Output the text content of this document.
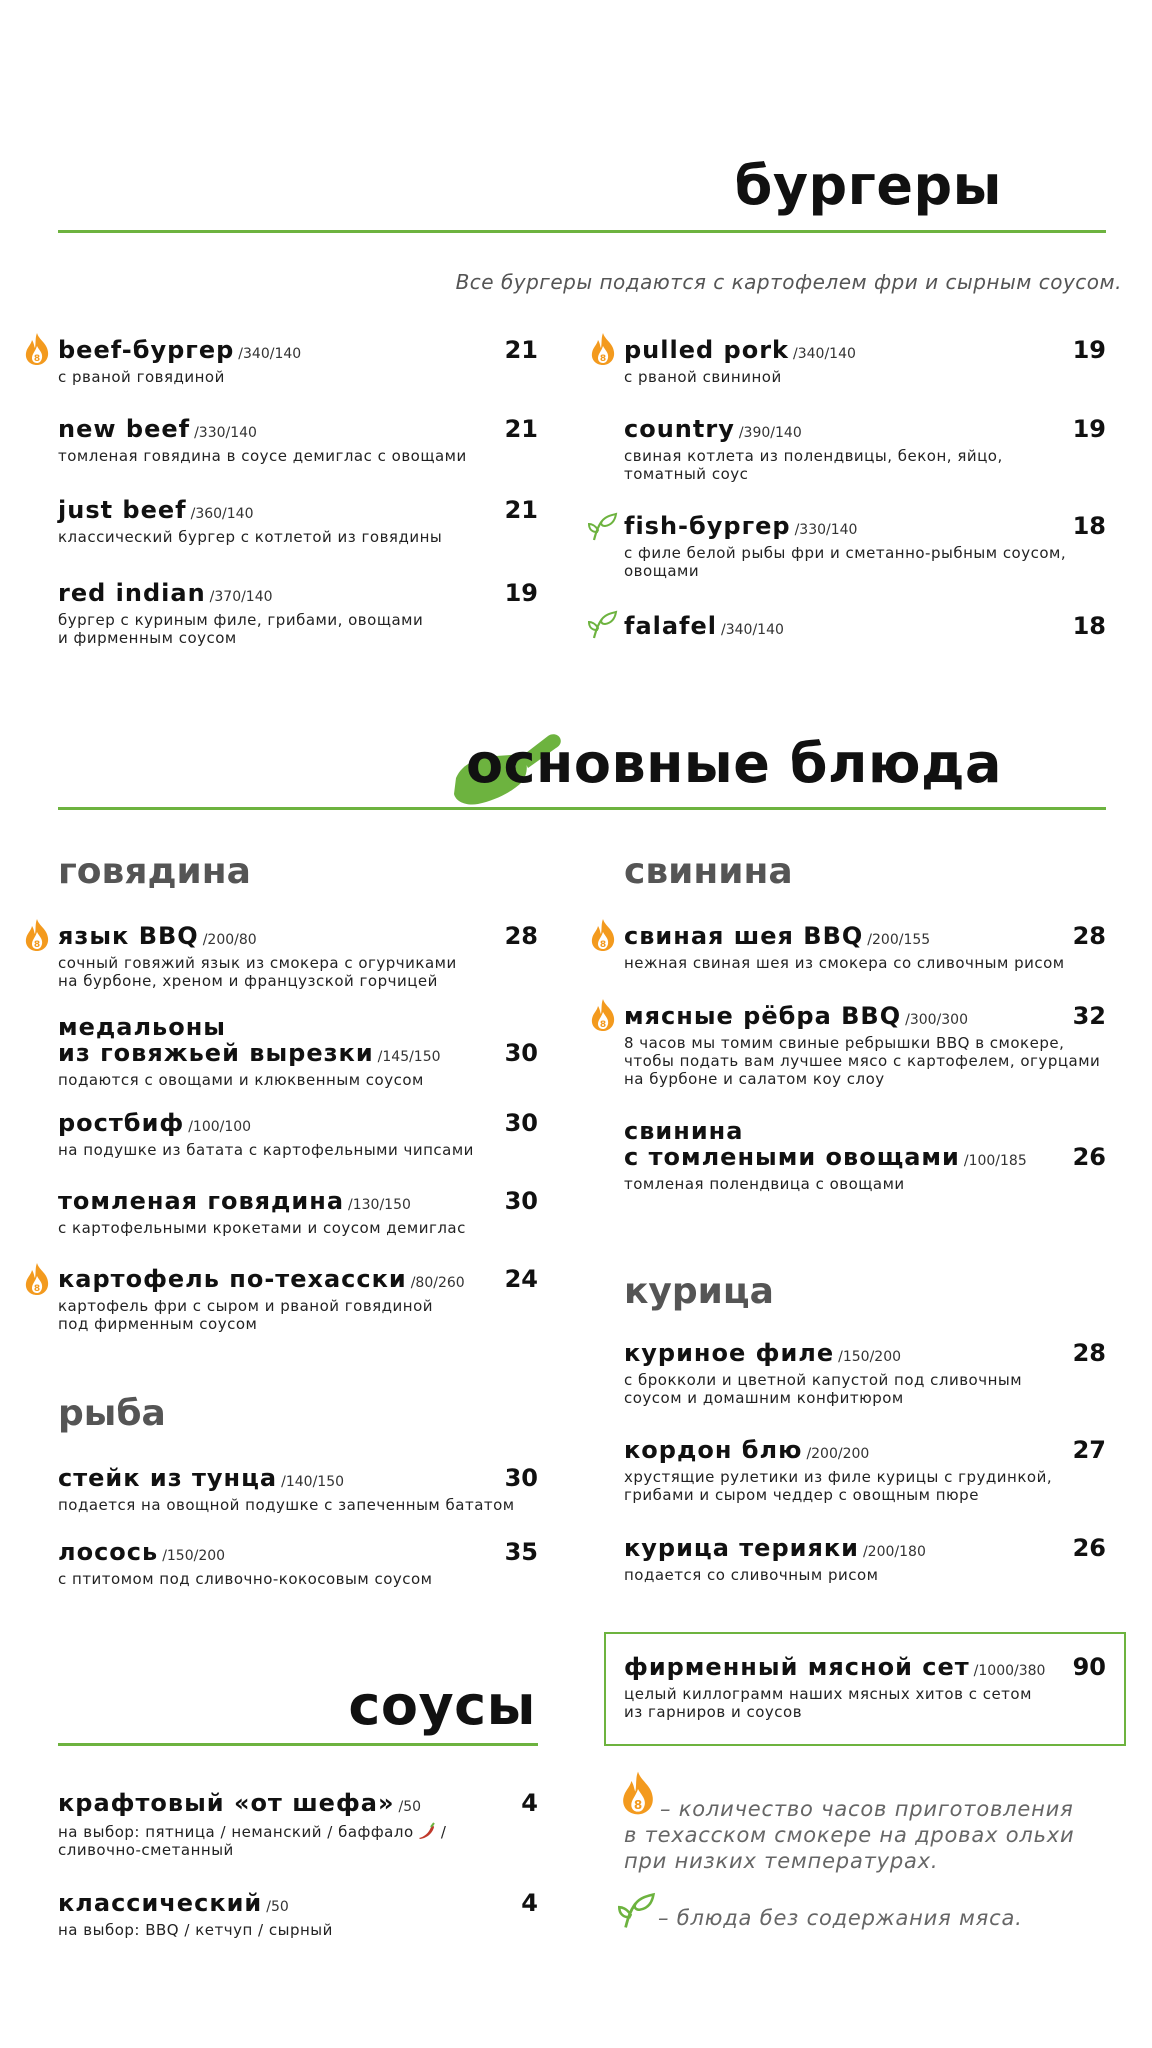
бургеры
Все бургеры подаются с картофелем фри и сырным соусом.
beef-бургер /340/140
с рваной говядиной
21
new beef /330/140
томленая говядина в соусе демиглас с овощами
21
just beef /360/140
классический бургер с котлетой из говядины
21
red indian /370/140
бургер с куриным филе, грибами, овощами
и фирменным соусом
19
pulled pork /340/140
с рваной свининой
19
country /390/140
свиная котлета из полендвицы, бекон, яйцо,
томатный соус
19
fish-бургер /330/140
с филе белой рыбы фри и сметанно-рыбным соусом,
овощами
18
falafel /340/140	18
основные блюда
говядина
язык BBQ /200/80
сочный говяжий язык из смокера с огурчиками
на бурбоне, хреном и французской горчицей
28
медальоны
из говяжьей вырезки /145/150
подаются с овощами и клюквенным соусом
30
ростбиф /100/100
на подушке из батата с картофельными чипсами
30
томленая говядина /130/150
с картофельными крокетами и соусом демиглас
30
картофель по-техасски /80/260
картофель фри с сыром и рваной говядиной
под фирменным соусом
24
рыба
стейк из тунца /140/150
подается на овощной подушке с запеченным бататом
30
лосось /150/200
с птитомом под сливочно-кокосовым соусом
35
свинина
свиная шея BBQ /200/155
нежная свиная шея из смокера со сливочным рисом
28
мясные рёбра BBQ /300/300
8 часов мы томим свиные ребрышки BBQ в смокере,
чтобы подать вам лучшее мясо с картофелем, огурцами
на бурбоне и салатом коу слоу
32
свинина
с томлеными овощами /100/185
томленая полендвица с овощами
26
курица
куриное филе /150/200
с брокколи и цветной капустой под сливочным
соусом и домашним конфитюром
28
кордон блю /200/200
хрустящие рулетики из филе курицы с грудинкой,
грибами и сыром чеддер с овощным пюре
27
курица терияки /200/180
подается со сливочным рисом
26
фирменный мясной сет /1000/380
целый киллограмм наших мясных хитов с сетом
из гарниров и соусов
90
соусы
крафтовый «от шефа» /50
на выбор: пятница / неманский / баффало /
сливочно-сметанный
4
классический /50
на выбор: BBQ / кетчуп / сырный
4
– количество часов приготовления
в техасском смокере на дровах ольхи
при низких температурах.
– блюда без содержания мяса.
